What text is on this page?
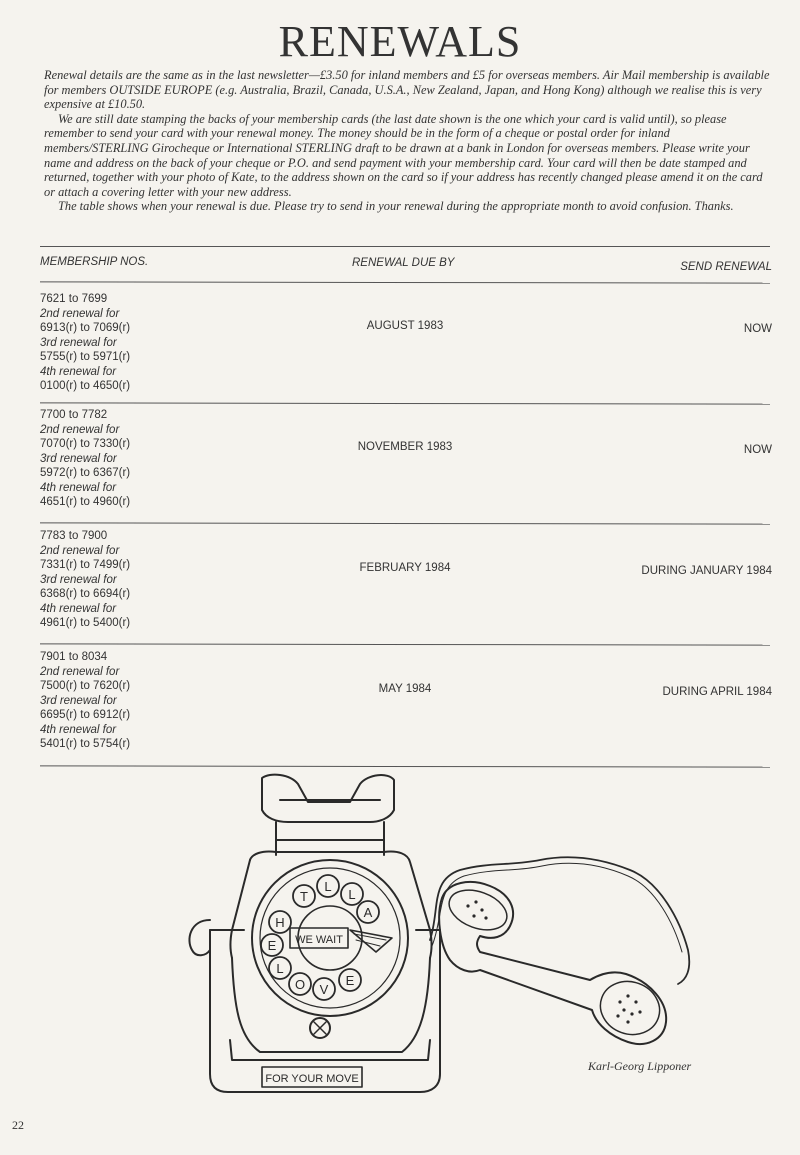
RENEWALS

Renewal details are the same as in the last newsletter—£3.50 for inland members and £5 for overseas members. Air Mail membership is available for members OUTSIDE EUROPE (e.g. Australia, Brazil, Canada, U.S.A., New Zealand, Japan, and Hong Kong) although we realise this is very expensive at £10.50.

We are still date stamping the backs of your membership cards (the last date shown is the one which your card is valid until), so please remember to send your card with your renewal money. The money should be in the form of a cheque or postal order for inland members/STERLING Girocheque or International STERLING draft to be drawn at a bank in London for overseas members. Please write your name and address on the back of your cheque or P.O. and send payment with your membership card. Your card will then be date stamped and returned, together with your photo of Kate, to the address shown on the card so if your address has recently changed please amend it on the card or attach a covering letter with your new address.

The table shows when your renewal is due. Please try to send in your renewal during the appropriate month to avoid confusion. Thanks.

MEMBERSHIP NOS.	RENEWAL DUE BY	SEND RENEWAL
7621 to 7699
2nd renewal for
6913(r) to 7069(r)
3rd renewal for
5755(r) to 5971(r)
4th renewal for
0100(r) to 4650(r)
AUGUST 1983	NOW
7700 to 7782
2nd renewal for
7070(r) to 7330(r)
3rd renewal for
5972(r) to 6367(r)
4th renewal for
4651(r) to 4960(r)
NOVEMBER 1983	NOW
7783 to 7900
2nd renewal for
7331(r) to 7499(r)
3rd renewal for
6368(r) to 6694(r)
4th renewal for
4961(r) to 5400(r)
FEBRUARY 1984	DURING JANUARY 1984
7901 to 8034
2nd renewal for
7500(r) to 7620(r)
3rd renewal for
6695(r) to 6912(r)
4th renewal for
5401(r) to 5754(r)
MAY 1984	DURING APRIL 1984
H
E
L
O V
E
A
L
L
T
WE WAIT
FOR YOUR MOVE
Karl-Georg Lipponer
22
